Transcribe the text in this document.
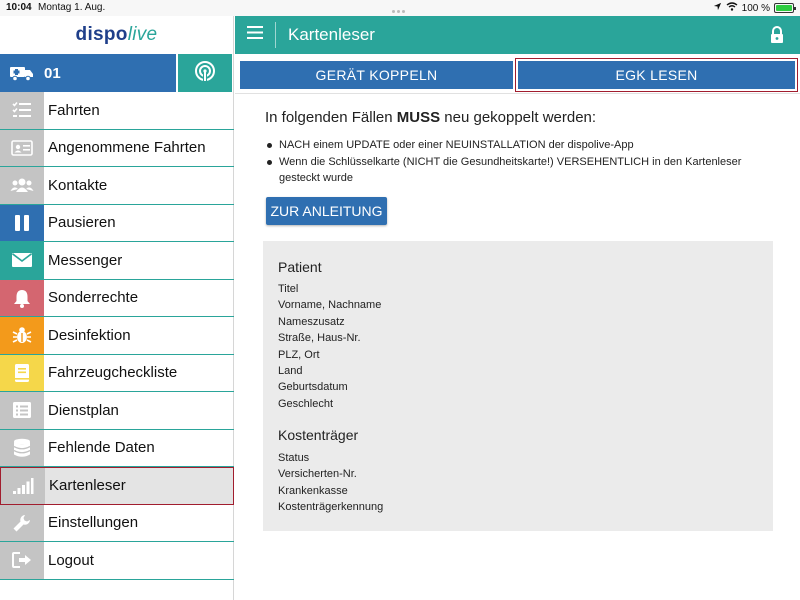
10:04 Montag 1. Aug.	100 %
dispo live
01
Fahrten
Angenommene Fahrten
Kontakte
Pausieren
Messenger
Sonderrechte
Desinfektion
Fahrzeugcheckliste
Dienstplan
Fehlende Daten
Kartenleser
Einstellungen
Logout
Kartenleser
GERÄT KOPPELN	EGK LESEN
In folgenden Fällen MUSS neu gekoppelt werden:
NACH einem UPDATE oder einer NEUINSTALLATION der dispolive-App
Wenn die Schlüsselkarte (NICHT die Gesundheitskarte!) VERSEHENTLICH in den Kartenleser gesteckt wurde
ZUR ANLEITUNG
Patient
Kostenträger
Titel
Vorname, Nachname
Nameszusatz
Straße, Haus-Nr.
PLZ, Ort
Land
Geburtsdatum
Geschlecht
Status
Versicherten-Nr.
Krankenkasse
Kostenträgerkennung
